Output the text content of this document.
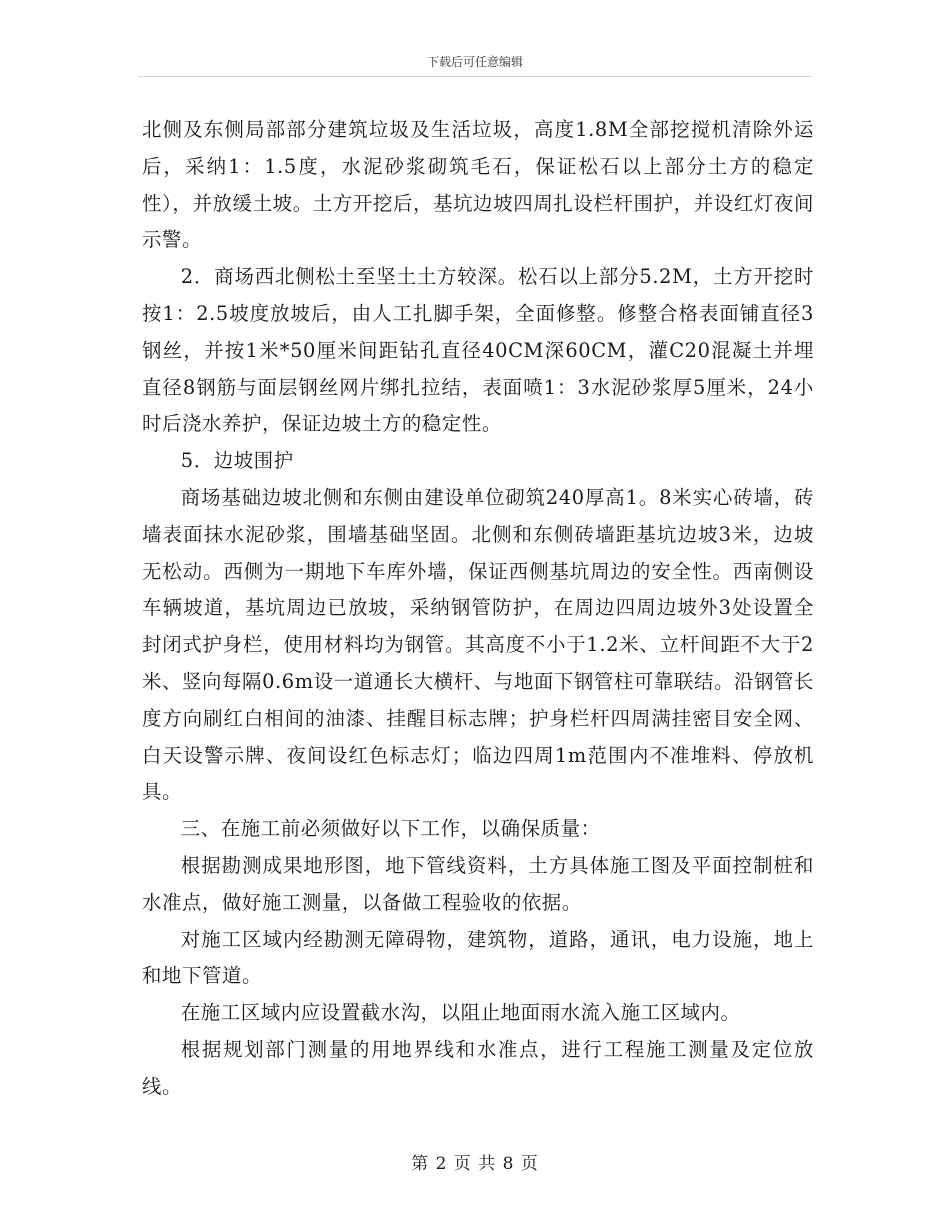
下载后可任意编辑

北侧及东侧局部部分建筑垃圾及生活垃圾，高度1.8M全部挖搅机清除外运后，采纳1：1.5度，水泥砂浆砌筑毛石，保证松石以上部分土方的稳定性），并放缓土坡。土方开挖后，基坑边坡四周扎设栏杆围护，并设红灯夜间示警。

2．商场西北侧松土至坚土土方较深。松石以上部分5.2M，土方开挖时按1：2.5坡度放坡后，由人工扎脚手架，全面修整。修整合格表面铺直径3钢丝，并按1米*50厘米间距钻孔直径40CM深60CM，灌C20混凝土并埋直径8钢筋与面层钢丝网片绑扎拉结，表面喷1：3水泥砂浆厚5厘米，24小时后浇水养护，保证边坡土方的稳定性。

5．边坡围护

商场基础边坡北侧和东侧由建设单位砌筑240厚高1。8米实心砖墙，砖墙表面抹水泥砂浆，围墙基础坚固。北侧和东侧砖墙距基坑边坡3米，边坡无松动。西侧为一期地下车库外墙，保证西侧基坑周边的安全性。西南侧设车辆坡道，基坑周边已放坡，采纳钢管防护，在周边四周边坡外3处设置全封闭式护身栏，使用材料均为钢管。其高度不小于1.2米、立杆间距不大于2米、竖向每隔0.6m设一道通长大横杆、与地面下钢管柱可靠联结。沿钢管长度方向刷红白相间的油漆、挂醒目标志牌；护身栏杆四周满挂密目安全网、白天设警示牌、夜间设红色标志灯；临边四周1m范围内不准堆料、停放机具。

三、在施工前必须做好以下工作，以确保质量：

根据勘测成果地形图，地下管线资料，土方具体施工图及平面控制桩和水准点，做好施工测量，以备做工程验收的依据。

对施工区域内经勘测无障碍物，建筑物，道路，通讯，电力设施，地上和地下管道。

在施工区域内应设置截水沟，以阻止地面雨水流入施工区域内。

根据规划部门测量的用地界线和水准点，进行工程施工测量及定位放线。

第 2 页 共 8 页
